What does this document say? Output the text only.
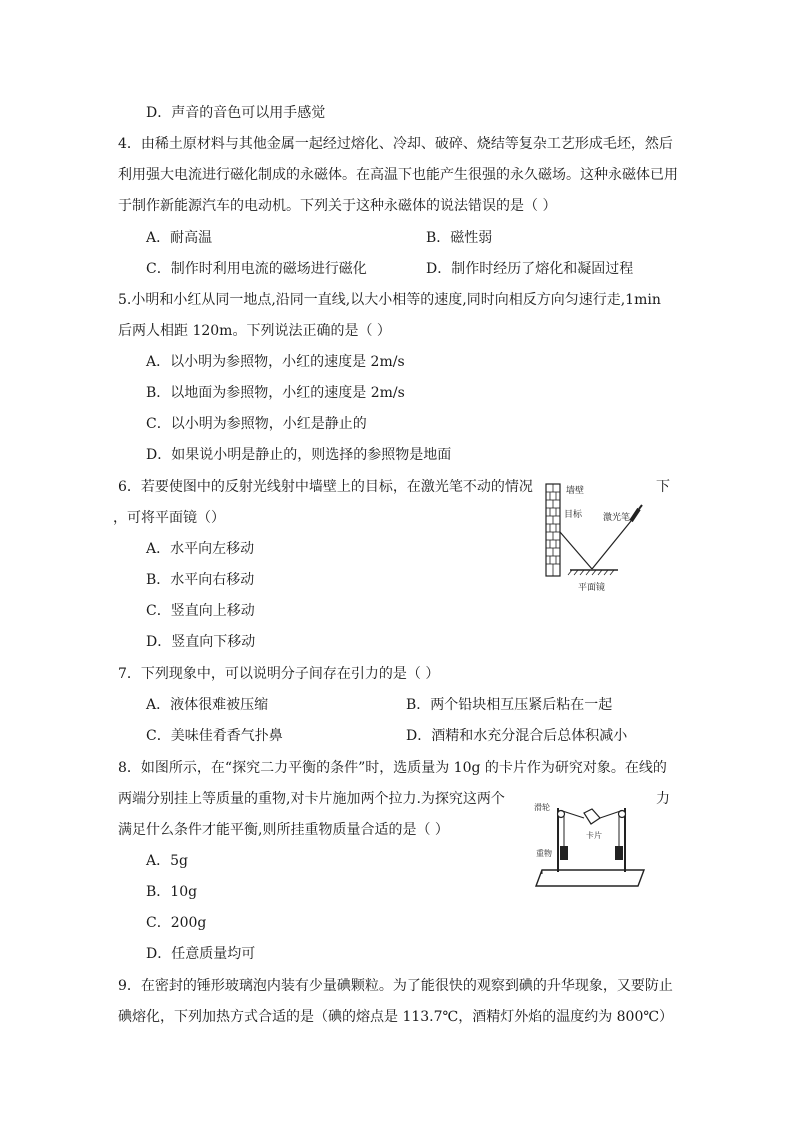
D．声音的音色可以用手感觉
4．由稀土原材料与其他金属一起经过熔化、冷却、破碎、烧结等复杂工艺形成毛坯，然后
利用强大电流进行磁化制成的永磁体。在高温下也能产生很强的永久磁场。这种永磁体已用
于制作新能源汽车的电动机。下列关于这种永磁体的说法错误的是（ ）
A．耐高温	B．磁性弱
C．制作时利用电流的磁场进行磁化	D．制作时经历了熔化和凝固过程
5.小明和小红从同一地点,沿同一直线,以大小相等的速度,同时向相反方向匀速行走,1min
后两人相距 120m。下列说法正确的是（ ）
A．以小明为参照物，小红的速度是 2m/s
B．以地面为参照物，小红的速度是 2m/s
C．以小明为参照物，小红是静止的
D．如果说小明是静止的，则选择的参照物是地面
6．若要使图中的反射光线射中墙壁上的目标，在激光笔不动的情况	下
，可将平面镜（）
A．水平向左移动
B．水平向右移动
C．竖直向上移动
D．竖直向下移动
墙壁
目标 激光笔
平面镜
7．下列现象中，可以说明分子间存在引力的是（ ）
A．液体很难被压缩	B．两个铅块相互压紧后粘在一起
C．美味佳肴香气扑鼻	D．酒精和水充分混合后总体积减小
8．如图所示，在“探究二力平衡的条件”时，选质量为 10g 的卡片作为研究对象。在线的
两端分别挂上等质量的重物,对卡片施加两个拉力.为探究这两个	力
满足什么条件才能平衡,则所挂重物质量合适的是（ ）
A．5g
B．10g
C．200g
D．任意质量均可
滑轮
卡片
重物
9．在密封的锤形玻璃泡内装有少量碘颗粒。为了能很快的观察到碘的升华现象，又要防止
碘熔化，下列加热方式合适的是（碘的熔点是 113.7℃，酒精灯外焰的温度约为 800℃）
